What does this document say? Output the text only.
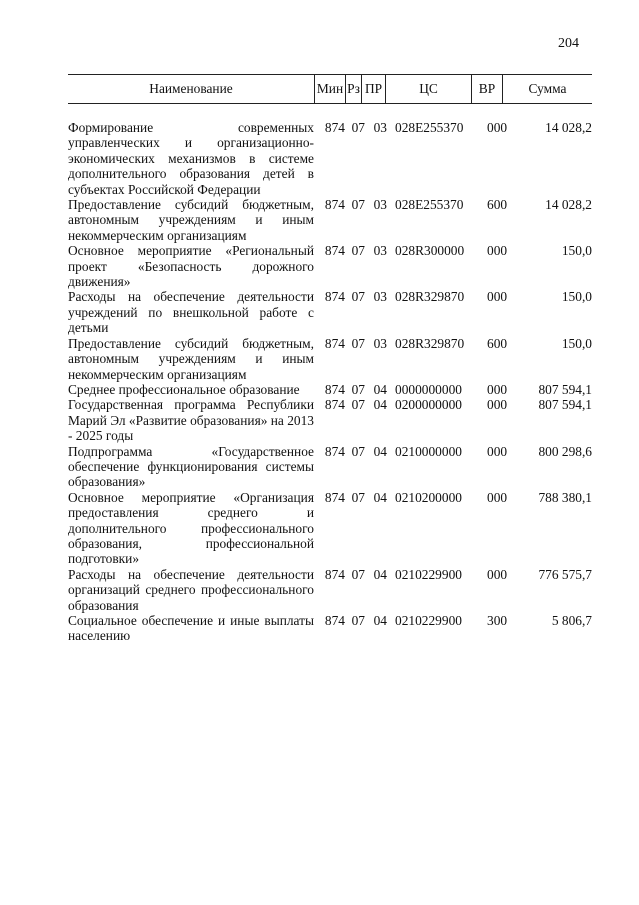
204
Наименование	Мин Рз ПР	ЦС	ВР	Сумма
Формирование современных управленческих и организационно-экономических механизмов в системе дополнительного образования детей в субъектах Российской Федерации
874 07 03 028E255370	000	14 028,2
Предоставление субсидий бюджетным, автономным учреждениям и иным некоммерческим организациям
874 07 03 028E255370	600	14 028,2
Основное мероприятие «Региональный проект «Безопасность дорожного движения»
874 07 03 028R300000	000	150,0
Расходы на обеспечение деятельности учреждений по внешкольной работе с детьми
874 07 03 028R329870	000	150,0
Предоставление субсидий бюджетным, автономным учреждениям и иным некоммерческим организациям
874 07 03 028R329870	600	150,0
Среднее профессиональное образование	874 07 04 0000000000	000	807 594,1
Государственная программа Республики Марий Эл «Развитие образования» на 2013 - 2025 годы
874 07 04 0200000000	000	807 594,1
Подпрограмма «Государственное обеспечение функционирования системы образования»
874 07 04 0210000000	000	800 298,6
Основное мероприятие «Организация предоставления среднего и дополнительного профессионального образования, профессиональной подготовки»
874 07 04 0210200000	000	788 380,1
Расходы на обеспечение деятельности организаций среднего профессионального образования
874 07 04 0210229900	000	776 575,7
Социальное обеспечение и иные выплаты населению
874 07 04 0210229900	300	5 806,7
